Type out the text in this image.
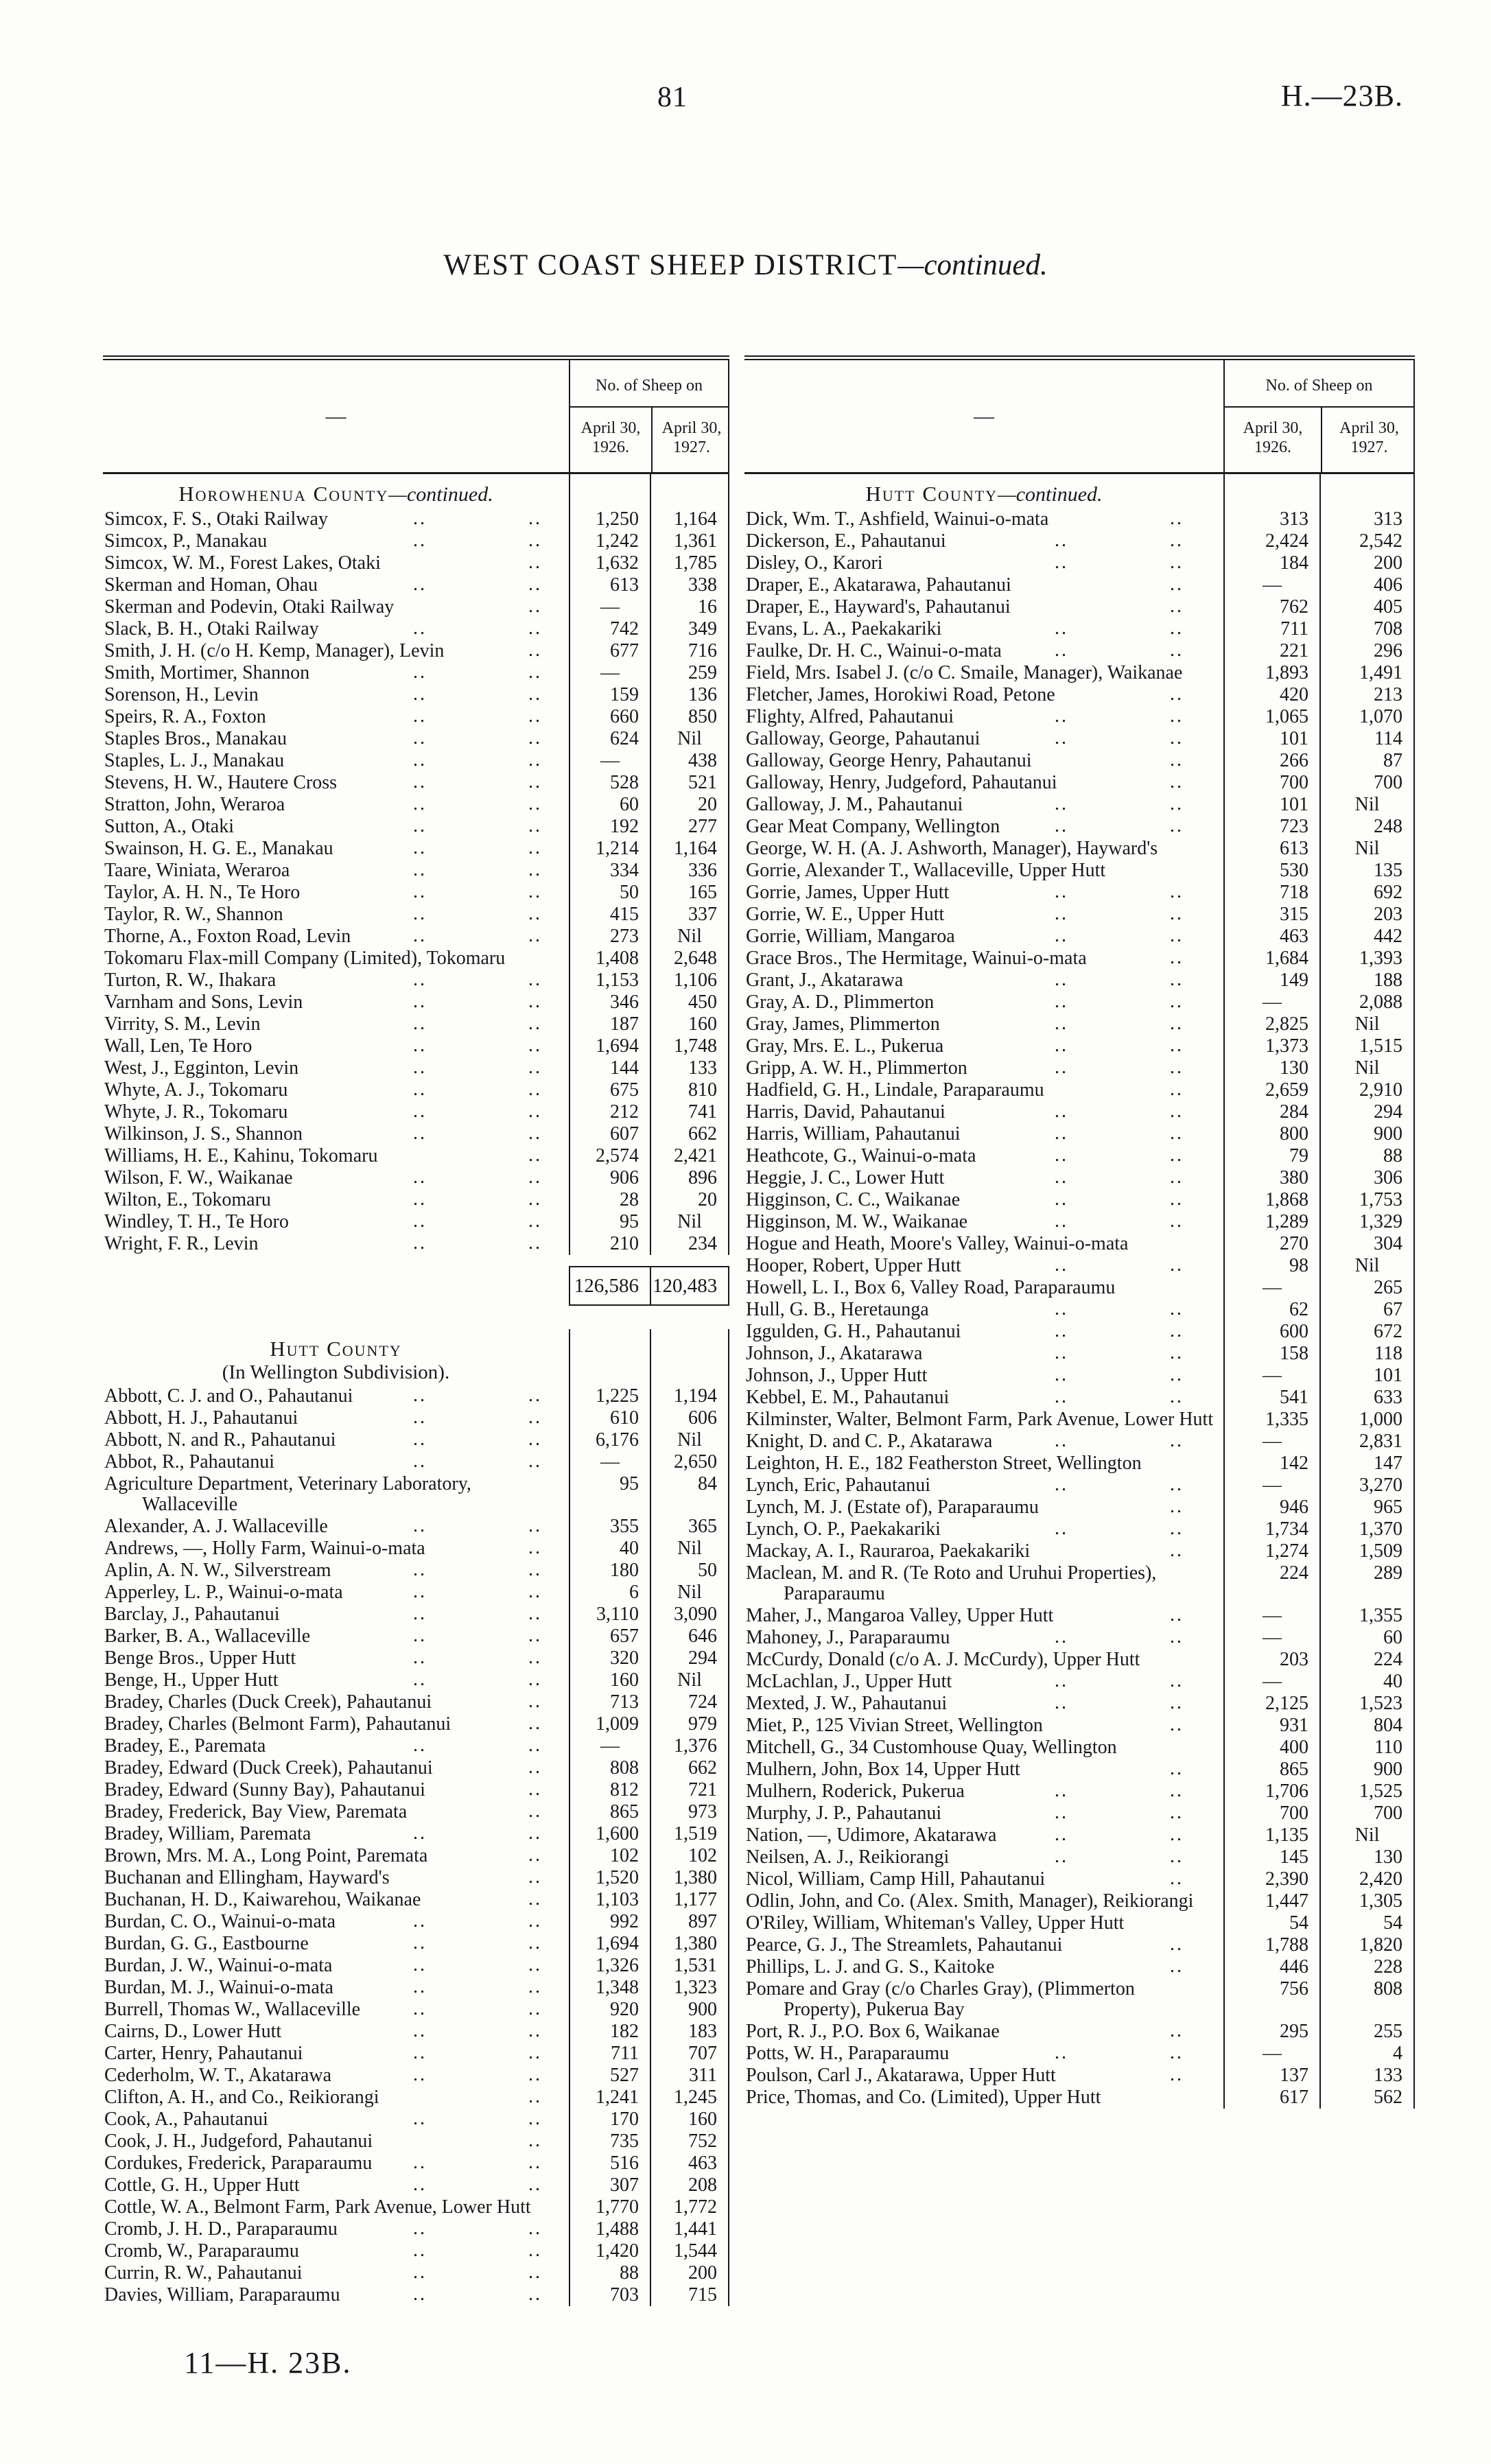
81	H.—23B.
WEST COAST SHEEP DISTRICT—continued.
—
No. of Sheep on
April 30, 1926.
April 30, 1927.
Horowhenua County—continued.
Simcox, F. S., Otaki Railway	..	..	1,250	1,164
Simcox, P., Manakau	..	..	1,242	1,361
Simcox, W. M., Forest Lakes, Otaki	..	1,632	1,785
Skerman and Homan, Ohau	..	..	613	338
Skerman and Podevin, Otaki Railway	..	—	16
Slack, B. H., Otaki Railway	..	..	742	349
Smith, J. H. (c/o H. Kemp, Manager), Levin	..	677	716
Smith, Mortimer, Shannon	..	..	—	259
Sorenson, H., Levin	..	..	159	136
Speirs, R. A., Foxton	..	..	660	850
Staples Bros., Manakau	..	..	624	Nil
Staples, L. J., Manakau	..	..	—	438
Stevens, H. W., Hautere Cross	..	..	528	521
Stratton, John, Weraroa	..	..	60	20
Sutton, A., Otaki	..	..	192	277
Swainson, H. G. E., Manakau	..	..	1,214	1,164
Taare, Winiata, Weraroa	..	..	334	336
Taylor, A. H. N., Te Horo	..	..	50	165
Taylor, R. W., Shannon	..	..	415	337
Thorne, A., Foxton Road, Levin	..	..	273	Nil
Tokomaru Flax-mill Company (Limited), Tokomaru	1,408	2,648
Turton, R. W., Ihakara	..	..	1,153	1,106
Varnham and Sons, Levin	..	..	346	450
Virrity, S. M., Levin	..	..	187	160
Wall, Len, Te Horo	..	..	1,694	1,748
West, J., Egginton, Levin	..	..	144	133
Whyte, A. J., Tokomaru	..	..	675	810
Whyte, J. R., Tokomaru	..	..	212	741
Wilkinson, J. S., Shannon	..	..	607	662
Williams, H. E., Kahinu, Tokomaru	..	2,574	2,421
Wilson, F. W., Waikanae	..	..	906	896
Wilton, E., Tokomaru	..	..	28	20
Windley, T. H., Te Horo	..	..	95	Nil
Wright, F. R., Levin	..	..	210	234
126,586 120,483
Hutt County
(In Wellington Subdivision).
Abbott, C. J. and O., Pahautanui	..	..	1,225	1,194
Abbott, H. J., Pahautanui	..	..	610	606
Abbott, N. and R., Pahautanui	..	..	6,176	Nil
Abbot, R., Pahautanui	..	..	—	2,650
Agriculture Department, Veterinary Laboratory, Wallaceville
95	84
Alexander, A. J. Wallaceville	..	..	355	365
Andrews, —, Holly Farm, Wainui-o-mata	..	40	Nil
Aplin, A. N. W., Silverstream	..	..	180	50
Apperley, L. P., Wainui-o-mata	..	..	6	Nil
Barclay, J., Pahautanui	..	..	3,110	3,090
Barker, B. A., Wallaceville	..	..	657	646
Benge Bros., Upper Hutt	..	..	320	294
Benge, H., Upper Hutt	..	..	160	Nil
Bradey, Charles (Duck Creek), Pahautanui	..	713	724
Bradey, Charles (Belmont Farm), Pahautanui	..	1,009	979
Bradey, E., Paremata	..	..	—	1,376
Bradey, Edward (Duck Creek), Pahautanui	..	808	662
Bradey, Edward (Sunny Bay), Pahautanui	..	812	721
Bradey, Frederick, Bay View, Paremata	..	865	973
Bradey, William, Paremata	..	..	1,600	1,519
Brown, Mrs. M. A., Long Point, Paremata	..	102	102
Buchanan and Ellingham, Hayward's	..	1,520	1,380
Buchanan, H. D., Kaiwarehou, Waikanae	..	1,103	1,177
Burdan, C. O., Wainui-o-mata	..	..	992	897
Burdan, G. G., Eastbourne	..	..	1,694	1,380
Burdan, J. W., Wainui-o-mata	..	..	1,326	1,531
Burdan, M. J., Wainui-o-mata	..	..	1,348	1,323
Burrell, Thomas W., Wallaceville	..	..	920	900
Cairns, D., Lower Hutt	..	..	182	183
Carter, Henry, Pahautanui	..	..	711	707
Cederholm, W. T., Akatarawa	..	..	527	311
Clifton, A. H., and Co., Reikiorangi	..	1,241	1,245
Cook, A., Pahautanui	..	..	170	160
Cook, J. H., Judgeford, Pahautanui	..	735	752
Cordukes, Frederick, Paraparaumu ..	..	516	463
Cottle, G. H., Upper Hutt	..	..	307	208
Cottle, W. A., Belmont Farm, Park Avenue, Lower Hutt	1,770	1,772
Cromb, J. H. D., Paraparaumu	..	..	1,488	1,441
Cromb, W., Paraparaumu	..	..	1,420	1,544
Currin, R. W., Pahautanui	..	..	88	200
Davies, William, Paraparaumu	..	..	703	715
—
No. of Sheep on
April 30, 1926.
April 30, 1927.
Hutt County—continued.
Dick, Wm. T., Ashfield, Wainui-o-mata	..	313	313
Dickerson, E., Pahautanui	..	..	2,424	2,542
Disley, O., Karori	..	..	184	200
Draper, E., Akatarawa, Pahautanui	..	—	406
Draper, E., Hayward's, Pahautanui	..	762	405
Evans, L. A., Paekakariki	..	..	711	708
Faulke, Dr. H. C., Wainui-o-mata	..	..	221	296
Field, Mrs. Isabel J. (c/o C. Smaile, Manager), Waikanae	1,893	1,491
Fletcher, James, Horokiwi Road, Petone	..	420	213
Flighty, Alfred, Pahautanui	..	..	1,065	1,070
Galloway, George, Pahautanui	..	..	101	114
Galloway, George Henry, Pahautanui	..	266	87
Galloway, Henry, Judgeford, Pahautanui	..	700	700
Galloway, J. M., Pahautanui	..	..	101	Nil
Gear Meat Company, Wellington	..	..	723	248
George, W. H. (A. J. Ashworth, Manager), Hayward's	613	Nil
Gorrie, Alexander T., Wallaceville, Upper Hutt	530	135
Gorrie, James, Upper Hutt	..	..	718	692
Gorrie, W. E., Upper Hutt	..	..	315	203
Gorrie, William, Mangaroa	..	..	463	442
Grace Bros., The Hermitage, Wainui-o-mata	..	1,684	1,393
Grant, J., Akatarawa	..	..	149	188
Gray, A. D., Plimmerton	..	..	—	2,088
Gray, James, Plimmerton	..	..	2,825	Nil
Gray, Mrs. E. L., Pukerua	..	..	1,373	1,515
Gripp, A. W. H., Plimmerton	..	..	130	Nil
Hadfield, G. H., Lindale, Paraparaumu	..	2,659	2,910
Harris, David, Pahautanui	..	..	284	294
Harris, William, Pahautanui	..	..	800	900
Heathcote, G., Wainui-o-mata	..	..	79	88
Heggie, J. C., Lower Hutt	..	..	380	306
Higginson, C. C., Waikanae	..	..	1,868	1,753
Higginson, M. W., Waikanae	..	..	1,289	1,329
Hogue and Heath, Moore's Valley, Wainui-o-mata	270	304
Hooper, Robert, Upper Hutt	..	..	98	Nil
Howell, L. I., Box 6, Valley Road, Paraparaumu	—	265
Hull, G. B., Heretaunga	..	..	62	67
Iggulden, G. H., Pahautanui	..	..	600	672
Johnson, J., Akatarawa	..	..	158	118
Johnson, J., Upper Hutt	..	..	—	101
Kebbel, E. M., Pahautanui	..	..	541	633
Kilminster, Walter, Belmont Farm, Park Avenue, Lower Hutt	1,335	1,000
Knight, D. and C. P., Akatarawa	..	..	—	2,831
Leighton, H. E., 182 Featherston Street, Wellington	142	147
Lynch, Eric, Pahautanui	..	..	—	3,270
Lynch, M. J. (Estate of), Paraparaumu	..	946	965
Lynch, O. P., Paekakariki	..	..	1,734	1,370
Mackay, A. I., Rauraroa, Paekakariki	..	1,274	1,509
Maclean, M. and R. (Te Roto and Uruhui Properties), Paraparaumu
224	289
Maher, J., Mangaroa Valley, Upper Hutt	..	—	1,355
Mahoney, J., Paraparaumu	..	..	—	60
McCurdy, Donald (c/o A. J. McCurdy), Upper Hutt	203	224
McLachlan, J., Upper Hutt	..	..	—	40
Mexted, J. W., Pahautanui	..	..	2,125	1,523
Miet, P., 125 Vivian Street, Wellington	..	931	804
Mitchell, G., 34 Customhouse Quay, Wellington	400	110
Mulhern, John, Box 14, Upper Hutt	..	865	900
Mulhern, Roderick, Pukerua	..	..	1,706	1,525
Murphy, J. P., Pahautanui	..	..	700	700
Nation, —, Udimore, Akatarawa	..	..	1,135	Nil
Neilsen, A. J., Reikiorangi	..	..	145	130
Nicol, William, Camp Hill, Pahautanui	..	2,390	2,420
Odlin, John, and Co. (Alex. Smith, Manager), Reikiorangi	1,447	1,305
O'Riley, William, Whiteman's Valley, Upper Hutt	54	54
Pearce, G. J., The Streamlets, Pahautanui	..	1,788	1,820
Phillips, L. J. and G. S., Kaitoke	..	446	228
Pomare and Gray (c/o Charles Gray), (Plimmerton Property), Pukerua Bay
756	808
Port, R. J., P.O. Box 6, Waikanae	..	295	255
Potts, W. H., Paraparaumu	..	..	—	4
Poulson, Carl J., Akatarawa, Upper Hutt	..	137	133
Price, Thomas, and Co. (Limited), Upper Hutt	617	562
11—H. 23B.
